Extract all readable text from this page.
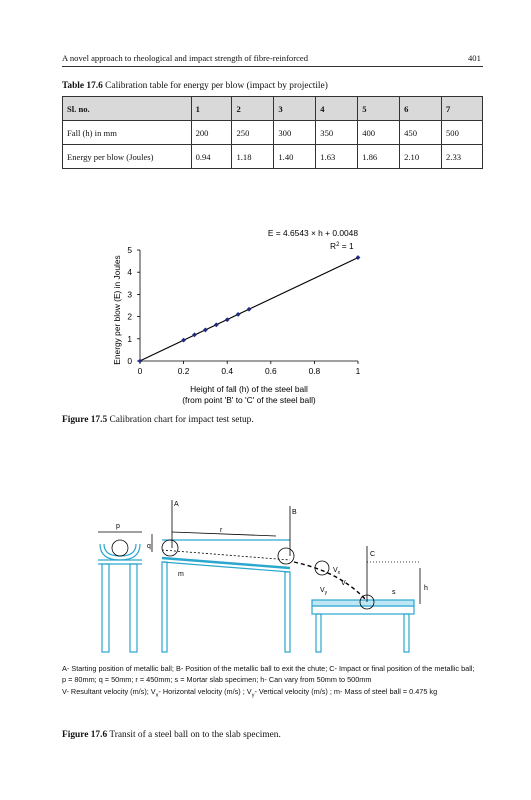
A novel approach to rheological and impact strength of fibre-reinforced	401
Table 17.6 Calibration table for energy per blow (impact by projectile)
Sl. no.	1	2	3	4	5	6	7
Fall (h) in mm	200	250	300	350	400	450	500
Energy per blow (Joules)	0.94	1.18	1.40	1.63	1.86	2.10	2.33
E = 4.6543 × h + 0.0048
$R^2 = 1$
Energy per blow (E) in Joules
Height of fall (h) of the steel ball
(from point 'B' to 'C' of the steel ball)
0	0.2	0.4	0.6	0.8	1
0
1
2
3
4
5
Figure 17.5 Calibration chart for impact test setup.
A
B
C
p
q
r
m
$V_x$
$V_y$
V
s
h
A- Starting position of metallic ball; B- Position of the metallic ball to exit the chute; C- Impact or final position of the metallic ball;
p = 80mm; q = 50mm; r = 450mm; s = Mortar slab specimen; h- Can vary from 50mm to 500mm
V- Resultant velocity (m/s); $V_x-$ Horizontal velocity (m/s) ; $V_y-$ Vertical velocity (m/s) ; m- Mass of steel ball = 0.475 kg
Figure 17.6 Transit of a steel ball on to the slab specimen.
